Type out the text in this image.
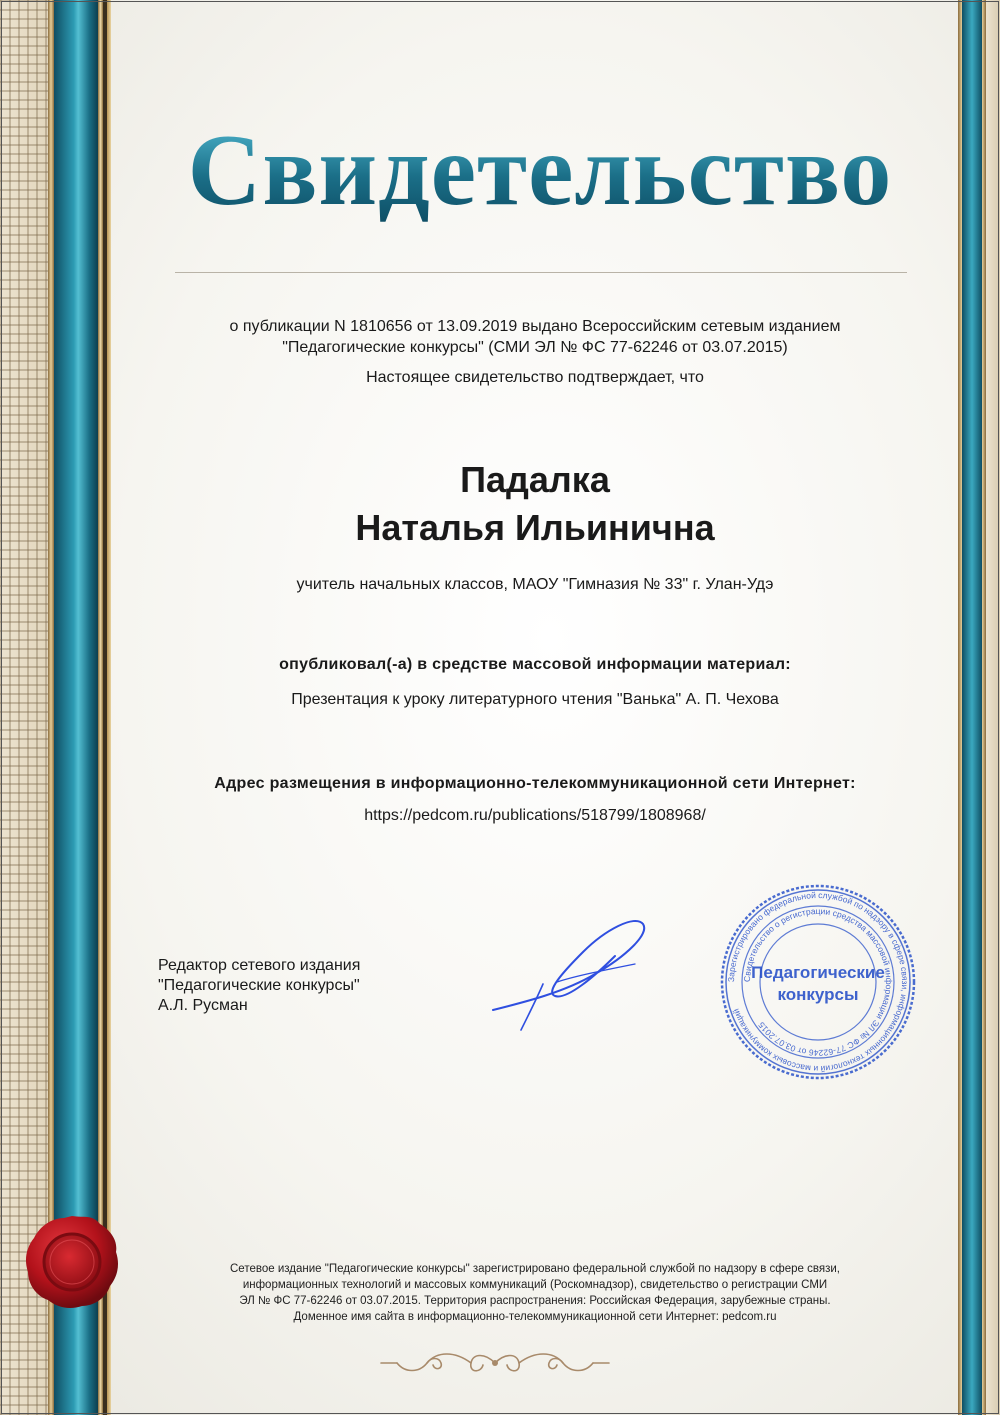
Свидетельство
о публикации N 1810656 от 13.09.2019 выдано Всероссийским сетевым изданием
"Педагогические конкурсы" (СМИ ЭЛ № ФС 77-62246 от 03.07.2015)
Настоящее свидетельство подтверждает, что
Падалка
Наталья Ильинична
учитель начальных классов, МАОУ "Гимназия № 33" г. Улан-Удэ
опубликовал(-а) в средстве массовой информации материал:
Презентация к уроку литературного чтения "Ванька" А. П. Чехова
Адрес размещения в информационно-телекоммуникационной сети Интернет:
https://pedcom.ru/publications/518799/1808968/
Редактор сетевого издания
"Педагогические конкурсы"
А.Л. Русман
Зарегистрировано федеральной службой по надзору в сфере связи, информационных технологий и массовых коммуникаций
Свидетельство о регистрации средства массовой информации ЭЛ № ФС 77-62246 от 03.07.2015
Педагогические
конкурсы
Сетевое издание "Педагогические конкурсы" зарегистрировано федеральной службой по надзору в сфере связи,
информационных технологий и массовых коммуникаций (Роскомнадзор), свидетельство о регистрации СМИ
ЭЛ № ФС 77-62246 от 03.07.2015. Территория распространения: Российская Федерация, зарубежные страны.
Доменное имя сайта в информационно-телекоммуникационной сети Интернет: pedcom.ru
